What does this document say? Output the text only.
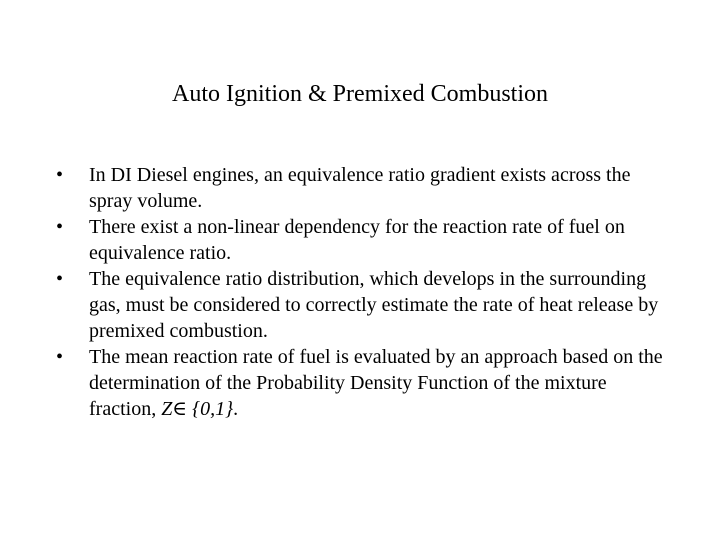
Auto Ignition & Premixed Combustion
•	In DI Diesel engines, an equivalence ratio gradient exists across the spray volume.
•	There exist a non-linear dependency for the reaction rate of fuel on equivalence ratio.
•	The equivalence ratio distribution, which develops in the surrounding gas, must be considered to correctly estimate the rate of heat release by premixed combustion.
•	The mean reaction rate of fuel is evaluated by an approach based on the determination of the Probability Density Function of the mixture fraction, Z∈ {0,1}.
